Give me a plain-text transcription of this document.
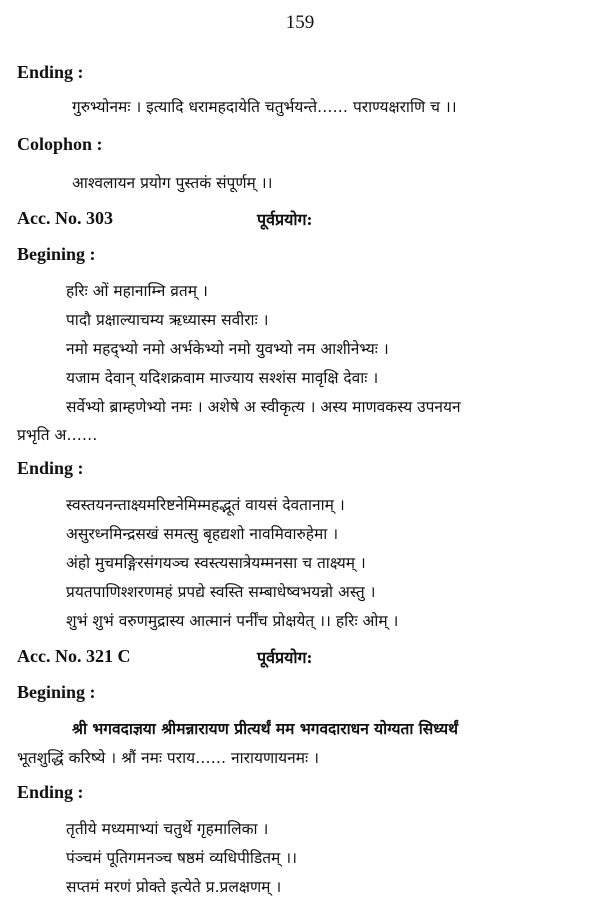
159
Ending :
गुरुभ्योनमः । इत्यादि धरामहदायेति चतुर्भयन्ते…… पराण्यक्षराणि च ।।
Colophon :
आश्वलायन प्रयोग पुस्तकं संपूर्णम् ।।
Acc. No. 303	पूर्वप्रयोग:
Begining :
हरिः ओं महानाम्नि व्रतम् ।
पादौ प्रक्षाल्याचम्य ऋध्यास्म सवीराः ।
नमो महद्भ्यो नमो अर्भकेभ्यो नमो युवभ्यो नम आशीनेभ्यः ।
यजाम देवान् यदिशक्रवाम माज्याय सश्शंस मावृक्षि देवाः ।
सर्वेभ्यो ब्राम्हणेभ्यो नमः । अशेषे अ स्वीकृत्य । अस्य माणवकस्य उपनयन
प्रभृति अ……
Ending :
स्वस्तयनन्ताक्ष्यमरिष्टनेमिम्महद्भूतं वायसं देवतानाम् ।
असुरध्नमिन्द्रसखं समत्सु बृहद्यशो नावमिवारुहेमा ।
अंहो मुचमङ्गिरसंगयञ्च स्वस्त्यसात्रेयम्मनसा च ताक्ष्यम् ।
प्रयतपाणिश्शरणमहं प्रपद्ये स्वस्ति सम्बाधेष्वभयन्नो अस्तु ।
शुभं शुभं वरुणमुद्रास्य आत्मानं पर्नींच प्रोक्षयेत् ।। हरिः ओम् ।
Acc. No. 321 C	पूर्वप्रयोग:
Begining :
श्री भगवदाज्ञया श्रीमन्नारायण प्रीत्यर्थं मम भगवदाराधन योग्यता सिध्यर्थं
भूतशुद्धिं करिष्ये । श्रौं नमः पराय…… नारायणायनमः ।
Ending :
तृतीये मध्यमाभ्यां चतुर्थे गृहमालिका ।
पंञ्चमं पूतिगमनञ्च षष्ठमं व्यधिपीडितम् ।।
सप्तमं मरणं प्रोक्ते इत्येते प्र.प्रलक्षणम् ।
